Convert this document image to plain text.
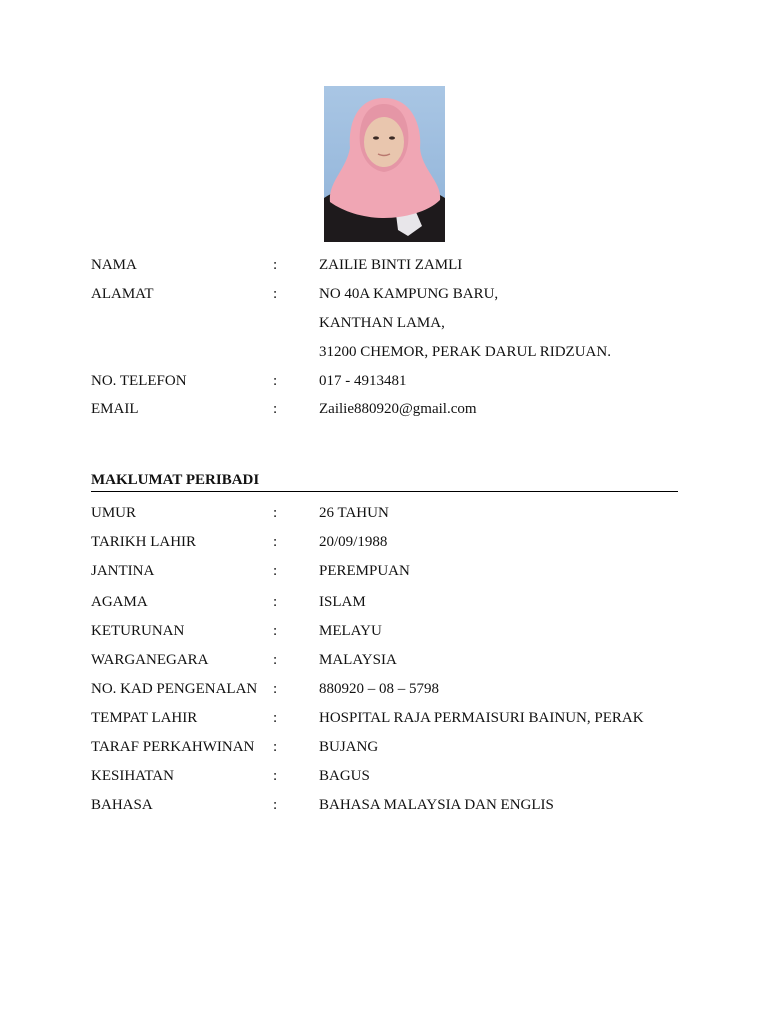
NAMA	:	ZAILIE BINTI ZAMLI
ALAMAT	:	NO 40A KAMPUNG BARU,
KANTHAN LAMA,
31200 CHEMOR, PERAK DARUL RIDZUAN.
NO. TELEFON	:	017 - 4913481
EMAIL	:	Zailie880920@gmail.com
MAKLUMAT PERIBADI
UMUR	:	26 TAHUN
TARIKH LAHIR	:	20/09/1988
JANTINA	:	PEREMPUAN
AGAMA	:	ISLAM
KETURUNAN	:	MELAYU
WARGANEGARA	:	MALAYSIA
NO. KAD PENGENALAN :	880920 – 08 – 5798
TEMPAT LAHIR	:	HOSPITAL RAJA PERMAISURI BAINUN, PERAK
TARAF PERKAHWINAN :	BUJANG
KESIHATAN	:	BAGUS
BAHASA	:	BAHASA MALAYSIA DAN ENGLIS
